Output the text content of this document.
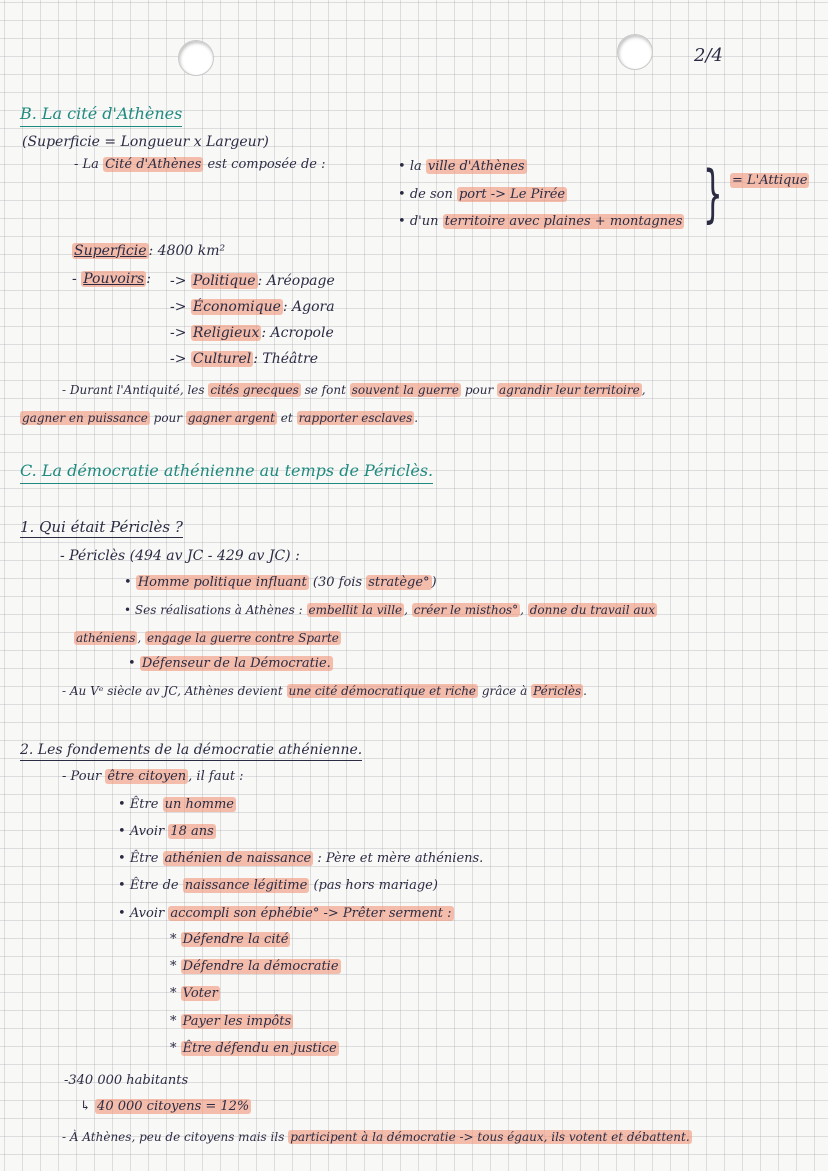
2/4
B. La cité d'Athènes
(Superficie = Longueur x Largeur)
- La Cité d'Athènes est composée de :	• la ville d'Athènes
• de son port -> Le Pirée
• d'un territoire avec plaines + montagnes } = L'Attique
Superficie : 4800 km²
- Pouvoirs : -> Politique : Aréopage
-> Économique : Agora
-> Religieux : Acropole
-> Culturel : Théâtre
- Durant l'Antiquité, les cités grecques se font souvent la guerre pour agrandir leur territoire ,
gagner en puissance pour gagner argent et rapporter esclaves .
C. La démocratie athénienne au temps de Périclès.
1. Qui était Périclès ?
- Périclès (494 av JC - 429 av JC) :
• Homme politique influant (30 fois stratège° )
• Ses réalisations à Athènes : embellit la ville , créer le misthos° , donne du travail aux
athéniens , engage la guerre contre Sparte
• Défenseur de la Démocratie.
- Au Vᵉ siècle av JC, Athènes devient une cité démocratique et riche grâce à Périclès .
2. Les fondements de la démocratie athénienne.
- Pour être citoyen , il faut :
• Être un homme
• Avoir 18 ans
• Être athénien de naissance : Père et mère athéniens.
• Être de naissance légitime (pas hors mariage)
• Avoir accompli son éphébie° -> Prêter serment :
* Défendre la cité
* Défendre la démocratie
* Voter
* Payer les impôts
* Être défendu en justice
-340 000 habitants
↳ 40 000 citoyens = 12%
- À Athènes, peu de citoyens mais ils participent à la démocratie -> tous égaux, ils votent et débattent.
